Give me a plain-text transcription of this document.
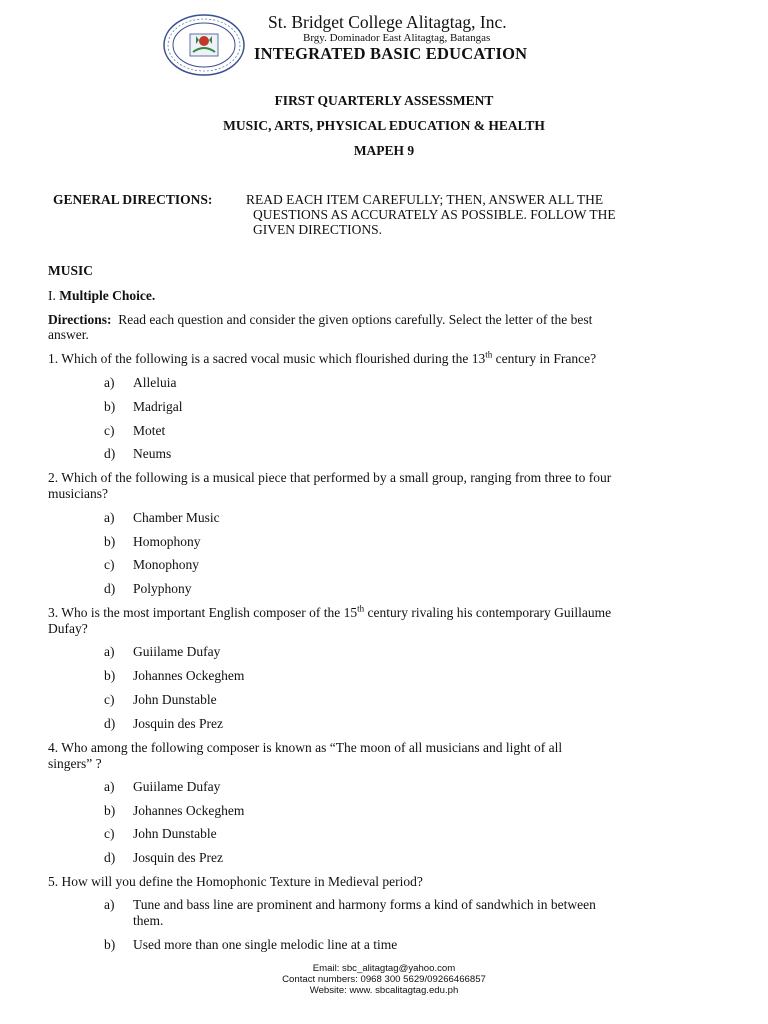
St. Bridget College Alitagtag, Inc.
Brgy. Dominador East Alitagtag, Batangas
INTEGRATED BASIC EDUCATION
FIRST QUARTERLY ASSESSMENT
MUSIC, ARTS, PHYSICAL EDUCATION & HEALTH
MAPEH 9
GENERAL DIRECTIONS: READ EACH ITEM CAREFULLY; THEN, ANSWER ALL THE
QUESTIONS AS ACCURATELY AS POSSIBLE. FOLLOW THE
GIVEN DIRECTIONS.
MUSIC
I. Multiple Choice.
Directions: Read each question and consider the given options carefully. Select the letter of the best
answer.
1. Which of the following is a sacred vocal music which flourished during the 13th century in France?
a) Alleluia
b) Madrigal
c) Motet
d) Neums
2. Which of the following is a musical piece that performed by a small group, ranging from three to four
musicians?
a) Chamber Music
b) Homophony
c) Monophony
d) Polyphony
3. Who is the most important English composer of the 15th century rivaling his contemporary Guillaume
Dufay?
a) Guiilame Dufay
b) Johannes Ockeghem
c) John Dunstable
d) Josquin des Prez
4. Who among the following composer is known as “The moon of all musicians and light of all
singers” ?
a) Guiilame Dufay
b) Johannes Ockeghem
c) John Dunstable
d) Josquin des Prez
5. How will you define the Homophonic Texture in Medieval period?
a) Tune and bass line are prominent and harmony forms a kind of sandwhich in between
them.
b) Used more than one single melodic line at a time
Email: sbc_alitagtag@yahoo.com
Contact numbers: 0968 300 5629/09266466857
Website: www. sbcalitagtag.edu.ph
